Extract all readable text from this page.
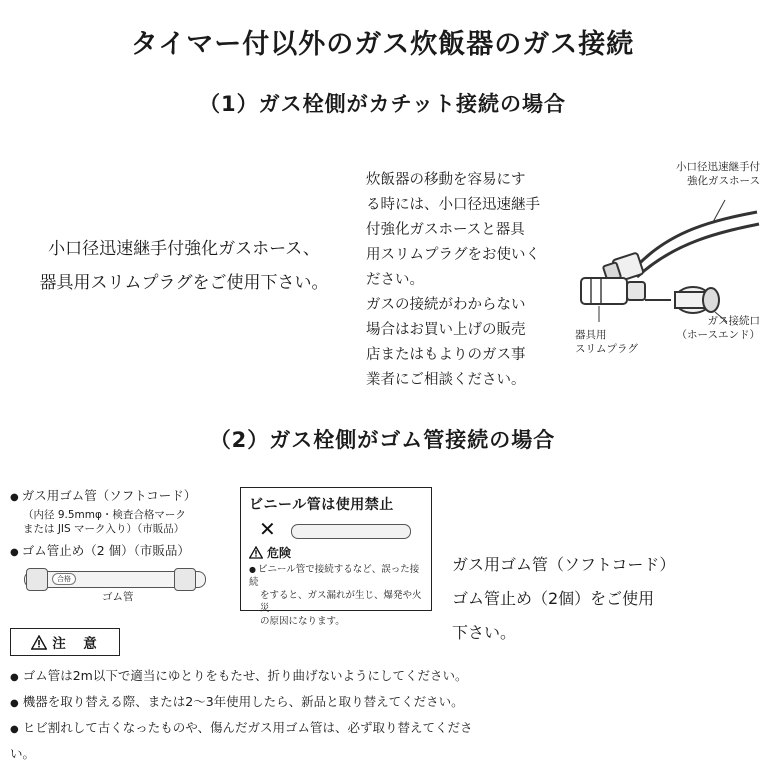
タイマー付以外のガス炊飯器のガス接続
（1）ガス栓側がカチット接続の場合
小口径迅速継手付強化ガスホース、
器具用スリムプラグをご使用下さい。
炊飯器の移動を容易にす
る時には、小口径迅速継手
付強化ガスホースと器具
用スリムプラグをお使いく
ださい。
ガスの接続がわからない
場合はお買い上げの販売
店またはもよりのガス事
業者にご相談ください。
小口径迅速継手付
強化ガスホース
ガス接続口
（ホースエンド）
器具用
スリムプラグ
（2）ガス栓側がゴム管接続の場合
● ガス用ゴム管（ソフトコード）
（内径 9.5mmφ・検査合格マーク
または JIS マーク入り）（市販品）
● ゴム管止め（2 個）（市販品）
合格
ゴム管
ビニール管は使用禁止
✕
危険
● ビニール管で接続するなど、誤った接続
をすると、ガス漏れが生じ、爆発や火災
の原因になります。
ガス用ゴム管（ソフトコード）
ゴム管止め（2個）をご使用
下さい。
注　意
● ゴム管は2m以下で適当にゆとりをもたせ、折り曲げないようにしてください。
● 機器を取り替える際、または2〜3年使用したら、新品と取り替えてください。
● ヒビ割れして古くなったものや、傷んだガス用ゴム管は、必ず取り替えてください。
